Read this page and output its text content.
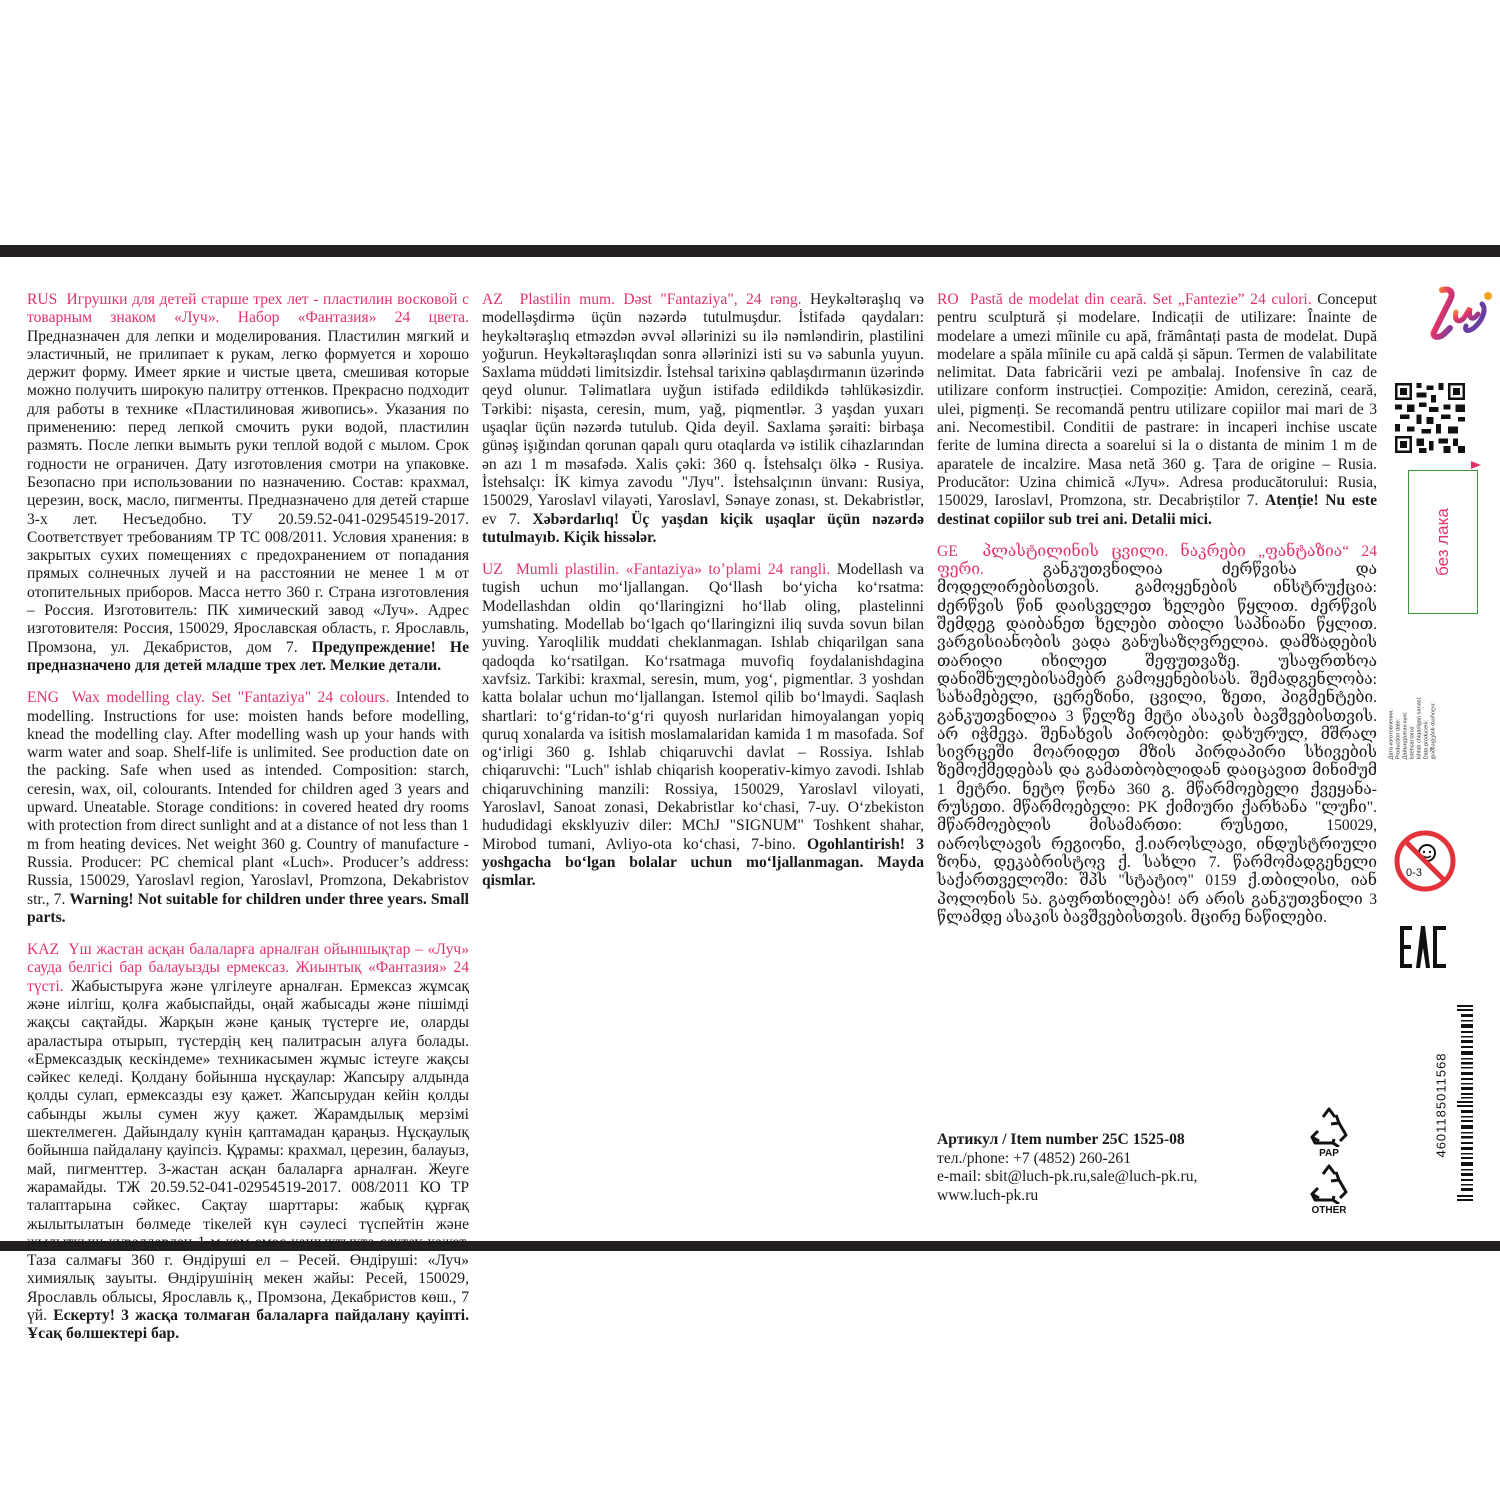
RUS Игрушки для детей старше трех лет - пластилин восковой с товарным знаком «Луч». Набор «Фантазия» 24 цвета. Предназначен для лепки и моделирования. Пластилин мягкий и эластичный, не прилипает к рукам, легко формуется и хорошо держит форму. Имеет яркие и чистые цвета, смешивая которые можно получить широкую палитру оттенков. Прекрасно подходит для работы в технике «Пластилиновая живопись». Указания по применению: перед лепкой смочить руки водой, пластилин размять. После лепки вымыть руки теплой водой с мылом. Срок годности не ограничен. Дату изготовления смотри на упаковке. Безопасно при использовании по назначению. Состав: крахмал, церезин, воск, масло, пигменты. Предназначено для детей старше 3-х лет. Несъедобно. ТУ 20.59.52-041-02954519-2017. Соответствует требованиям ТР ТС 008/2011. Условия хранения: в закрытых сухих помещениях с предохранением от попадания прямых солнечных лучей и на расстоянии не менее 1 м от отопительных приборов. Масса нетто 360 г. Страна изготовления – Россия. Изготовитель: ПК химический завод «Луч». Адрес изготовителя: Россия, 150029, Ярославская область, г. Ярославль, Промзона, ул. Декабристов, дом 7. Предупреждение! Не предназначено для детей младше трех лет. Мелкие детали.

ENG Wax modelling clay. Set "Fantaziya" 24 colours. Intended to modelling. Instructions for use: moisten hands before modelling, knead the modelling clay. After modelling wash up your hands with warm water and soap. Shelf-life is unlimited. See production date on the packing. Safe when used as intended. Composition: starch, ceresin, wax, oil, colourants. Intended for children aged 3 years and upward. Uneatable. Storage conditions: in covered heated dry rooms with protection from direct sunlight and at a distance of not less than 1 m from heating devices. Net weight 360 g. Country of manufacture - Russia. Producer: PC chemical plant «Luch». Producer’s address: Russia, 150029, Yaroslavl region, Yaroslavl, Promzona, Dekabristov str., 7. Warning! Not suitable for children under three years. Small parts.

KAZ Үш жастан асқан балаларға арналған ойыншықтар – «Луч» сауда белгісі бар балауызды ермексаз. Жиынтық «Фантазия» 24 түсті. Жабыстыруға және үлгілеуге арналған. Ермексаз жұмсақ және иілгіш, қолға жабыспайды, оңай жабысады және пішімді жақсы сақтайды. Жарқын және қанық түстерге ие, оларды араластыра отырып, түстердің кең палитрасын алуға болады. «Ермексаздық кескіндеме» техникасымен жұмыс істеуге жақсы сәйкес келеді. Қолдану бойынша нұсқаулар: Жапсыру алдында қолды сулап, ермексазды езу қажет. Жапсырудан кейін қолды сабынды жылы сумен жуу қажет. Жарамдылық мерзімі шектелмеген. Дайындалу күнін қаптамадан қараңыз. Нұсқаулық бойынша пайдалану қауіпсіз. Құрамы: крахмал, церезин, балауыз, май, пигменттер. 3-жастан асқан балаларға арналған. Жеуге жарамайды. ТЖ 20.59.52-041-02954519-2017. 008/2011 КО ТР талаптарына сәйкес. Сақтау шарттары: жабық құрғақ жылытылатын бөлмеде тікелей күн сәулесі түспейтін және жылытқыш құралдардан 1 м кем емес қашықтықта сақтау қажет. Таза салмағы 360 г. Өндіруші ел – Ресей. Өндіруші: «Луч» химиялық зауыты. Өндірушінің мекен жайы: Ресей, 150029, Ярославль облысы, Ярославль қ., Промзона, Декабристов көш., 7 үй. Ескерту! 3 жасқа толмаған балаларға пайдалану қауіпті. Ұсақ бөлшектері бар.

AZ Plastilin mum. Dəst "Fantaziya", 24 rəng. Heykəltəraşlıq və modelləşdirmə üçün nəzərdə tutulmuşdur. İstifadə qaydaları: heykəltəraşlıq etməzdən əvvəl əllərinizi su ilə nəmləndirin, plastilini yoğurun. Heykəltəraşlıqdan sonra əllərinizi isti su və sabunla yuyun. Saxlama müddəti limitsizdir. İstehsal tarixinə qablaşdırmanın üzərində qeyd olunur. Təlimatlara uyğun istifadə edildikdə təhlükəsizdir. Tərkibi: nişasta, ceresin, mum, yağ, piqmentlər. 3 yaşdan yuxarı uşaqlar üçün nəzərdə tutulub. Qida deyil. Saxlama şəraiti: birbaşa günəş işığından qorunan qapalı quru otaqlarda və istilik cihazlarından ən azı 1 m məsafədə. Xalis çəki: 360 q. İstehsalçı ölkə - Rusiya. İstehsalçı: İK kimya zavodu "Луч". İstehsalçının ünvanı: Rusiya, 150029, Yaroslavl vilayəti, Yaroslavl, Sənaye zonası, st. Dekabristlər, ev 7. Xəbərdarlıq! Üç yaşdan kiçik uşaqlar üçün nəzərdə tutulmayıb. Kiçik hissələr.

UZ Mumli plastilin. «Fantaziya» to’plami 24 rangli. Modellash va tugish uchun mo‘ljallangan. Qo‘llash bo‘yicha ko‘rsatma: Modellashdan oldin qo‘llaringizni ho‘llab oling, plastelinni yumshating. Modellab bo‘lgach qo‘llaringizni iliq suvda sovun bilan yuving. Yaroqlilik muddati cheklanmagan. Ishlab chiqarilgan sana qadoqda ko‘rsatilgan. Ko‘rsatmaga muvofiq foydalanishdagina xavfsiz. Tarkibi: kraxmal, seresin, mum, yog‘, pigmentlar. 3 yoshdan katta bolalar uchun mo‘ljallangan. Istemol qilib bo‘lmaydi. Saqlash shartlari: to‘g‘ridan-to‘g‘ri quyosh nurlaridan himoyalangan yopiq quruq xonalarda va isitish moslamalaridan kamida 1 m masofada. Sof og‘irligi 360 g. Ishlab chiqaruvchi davlat – Rossiya. Ishlab chiqaruvchi: "Luch" ishlab chiqarish kooperativ-kimyo zavodi. Ishlab chiqaruvchining manzili: Rossiya, 150029, Yaroslavl viloyati, Yaroslavl, Sanoat zonasi, Dekabristlar ko‘chasi, 7-uy. O‘zbekiston hududidagi eksklyuziv diler: MChJ "SIGNUM" Toshkent shahar, Mirobod tumani, Avliyo-ota ko‘chasi, 7-bino. Ogohlantirish! 3 yoshgacha bo‘lgan bolalar uchun mo‘ljallanmagan. Mayda qismlar.

RO Pastă de modelat din ceară. Set „Fantezie” 24 culori. Conceput pentru sculptură și modelare. Indicații de utilizare: Înainte de modelare a umezi mîinile cu apă, frământați pasta de modelat. După modelare a spăla mîinile cu apă caldă și săpun. Termen de valabilitate nelimitat. Data fabricării vezi pe ambalaj. Inofensive în caz de utilizare conform instrucției. Compoziție: Amidon, cerezină, ceară, ulei, pigmenți. Se recomandă pentru utilizare copiilor mai mari de 3 ani. Necomestibil. Conditii de pastrare: in incaperi inchise uscate ferite de lumina directa a soarelui si la o distanta de minim 1 m de aparatele de incalzire. Masa netă 360 g. Țara de origine – Rusia. Producător: Uzina chimică «Луч». Adresa producătorului: Rusia, 150029, Iaroslavl, Promzona, str. Decabriștilor 7. Atenție! Nu este destinat copiilor sub trei ani. Detalii mici.

GE პლასტილინის ცვილი. ნაკრები „ფანტაზია“ 24 ფერი.	განკუთვნილია ძერწვისა და მოდელირებისთვის. გამოყენების ინსტრუქცია: ძერწვის წინ დაისველეთ ხელები წყლით. ძერწვის შემდეგ დაიბანეთ ხელები თბილი საპნიანი წყლით. ვარგისიანობის ვადა განუსაზღვრელია. დამზადების თარიღი იხილეთ შეფუთვაზე. უსაფრთხოა დანიშნულებისამებრ გამოყენებისას. შემადგენლობა: სახამებელი, ცერეზინი, ცვილი, ზეთი, პიგმენტები. განკუთვნილია 3 წელზე მეტი ასაკის ბავშვებისთვის. არ იჭმევა. შენახვის პირობები: დახურულ, მშრალ სივრცეში მოარიდეთ მზის პირდაპირი სხივების ზემოქმედებას და გამათბობლიდან დაიცავით მინიმუმ 1 მეტრი. ნეტო წონა 360 გ. მწარმოებელი ქვეყანა- რუსეთი. მწარმოებელი: PK ქიმიური ქარხანა "ლუჩი". მწარმოებლის მისამართი: რუსეთი, 150029, იაროსლავის რეგიონი, ქ.იაროსლავი, ინდუსტრიული ზონა, დეკაბრისტოვ ქ. სახლი 7. წარმომადგენელი საქართველოში: შპს "სტატიო" 0159 ქ.თბილისი, იან პოლონის 5ა. გაფრთხილება! არ არის განკუთვნილი 3 წლამდე ასაკის ბავშვებისთვის. მცირე ნაწილები.

Артикул / Item number 25С 1525-08
тел./phone: +7 (4852) 260-261
e-mail: sbit@luch-pk.ru,sale@luch-pk.ru,
www.luch-pk.ru
без лака
Дата изготовления: Production date: Дайындалған күні: İstehsal tarixi: Ishlab chiqarilgan sanasi: Data producerii: დამზადების თარიღი:
0-3
4601185011568
PAP
OTHER
